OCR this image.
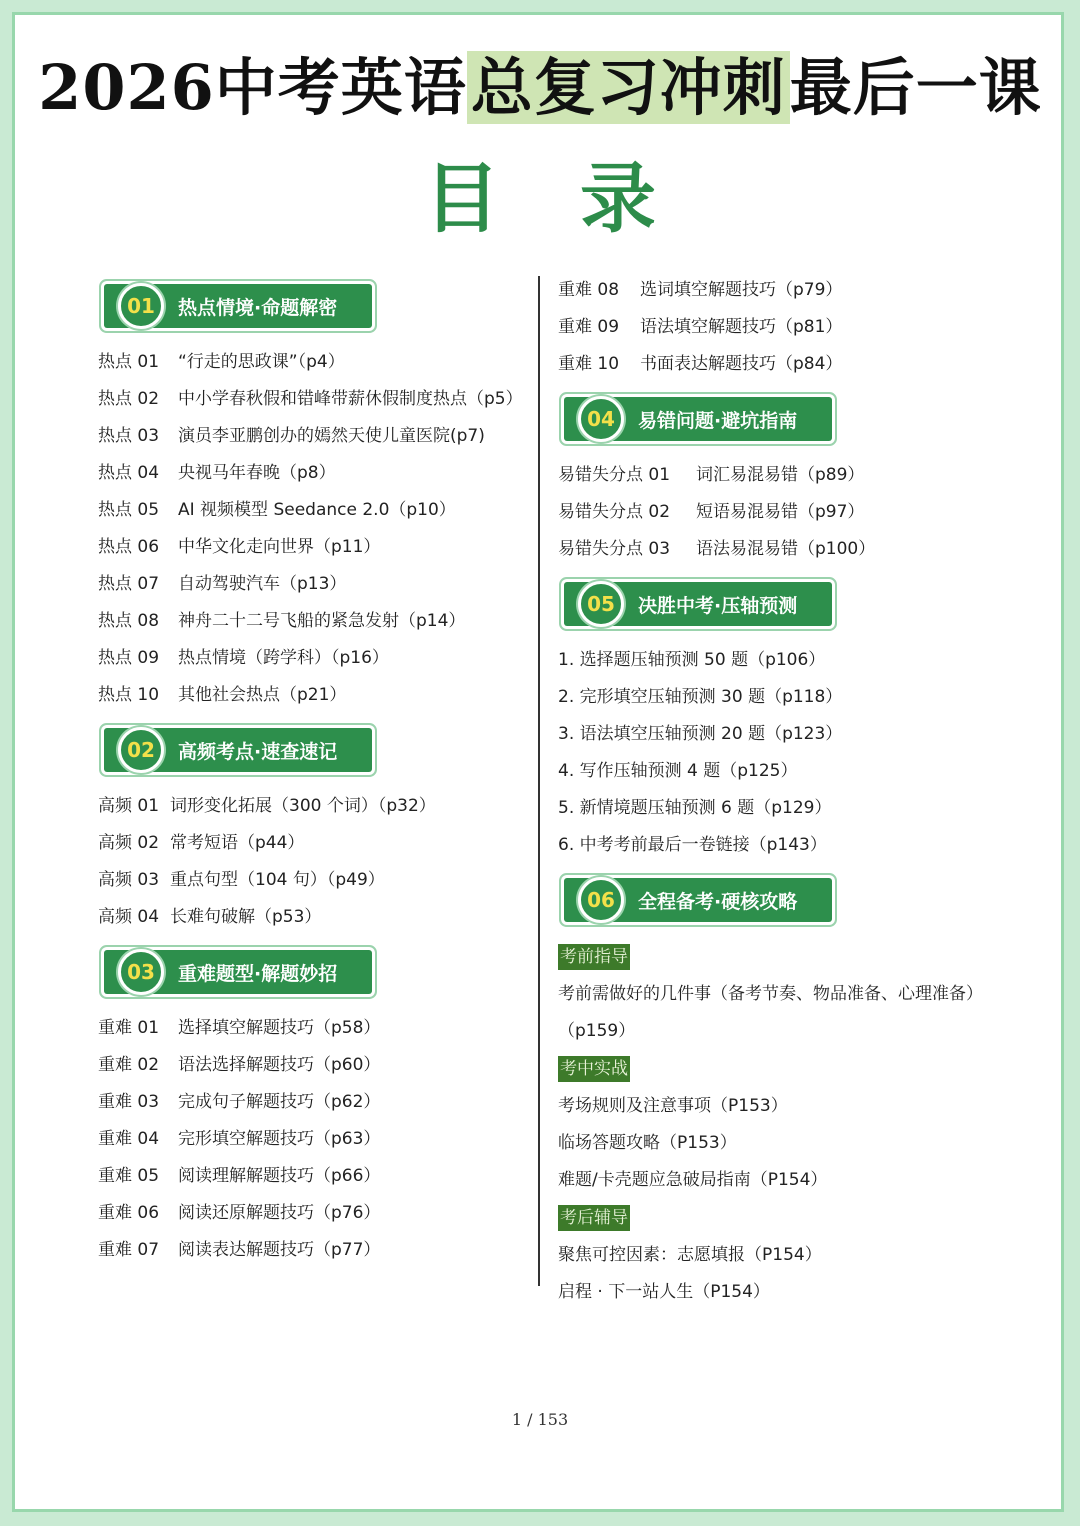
2026中考英语总复习冲刺最后一课
目录
01	热点情境·命题解密
热点 01 “行走的思政课”（p4）
热点 02 中小学春秋假和错峰带薪休假制度热点（p5）
热点 03 演员李亚鹏创办的嫣然天使儿童医院(p7)
热点 04 央视马年春晚（p8）
热点 05 AI 视频模型 Seedance 2.0（p10）
热点 06 中华文化走向世界（p11）
热点 07 自动驾驶汽车（p13）
热点 08 神舟二十二号飞船的紧急发射（p14）
热点 09 热点情境（跨学科）（p16）
热点 10 其他社会热点（p21）
02	高频考点·速查速记
高频 01 词形变化拓展（300 个词）（p32）
高频 02 常考短语（p44）
高频 03 重点句型（104 句）（p49）
高频 04 长难句破解（p53）
03	重难题型·解题妙招
重难 01 选择填空解题技巧（p58）
重难 02 语法选择解题技巧（p60）
重难 03 完成句子解题技巧（p62）
重难 04 完形填空解题技巧（p63）
重难 05 阅读理解解题技巧（p66）
重难 06 阅读还原解题技巧（p76）
重难 07 阅读表达解题技巧（p77）
重难 08 选词填空解题技巧（p79）
重难 09 语法填空解题技巧（p81）
重难 10 书面表达解题技巧（p84）
04	易错问题·避坑指南
易错失分点 01 词汇易混易错（p89）
易错失分点 02 短语易混易错（p97）
易错失分点 03 语法易混易错（p100）
05	决胜中考·压轴预测
1. 选择题压轴预测 50 题（p106）
2. 完形填空压轴预测 30 题（p118）
3. 语法填空压轴预测 20 题（p123）
4. 写作压轴预测 4 题（p125）
5. 新情境题压轴预测 6 题（p129）
6. 中考考前最后一卷链接（p143）
06	全程备考·硬核攻略
考前指导
考前需做好的几件事（备考节奏、物品准备、心理准备）（p159）
考中实战
考场规则及注意事项（P153）
临场答题攻略（P153）
难题/卡壳题应急破局指南（P154）
考后辅导
聚焦可控因素：志愿填报（P154）
启程 · 下一站人生（P154）
1 / 153
